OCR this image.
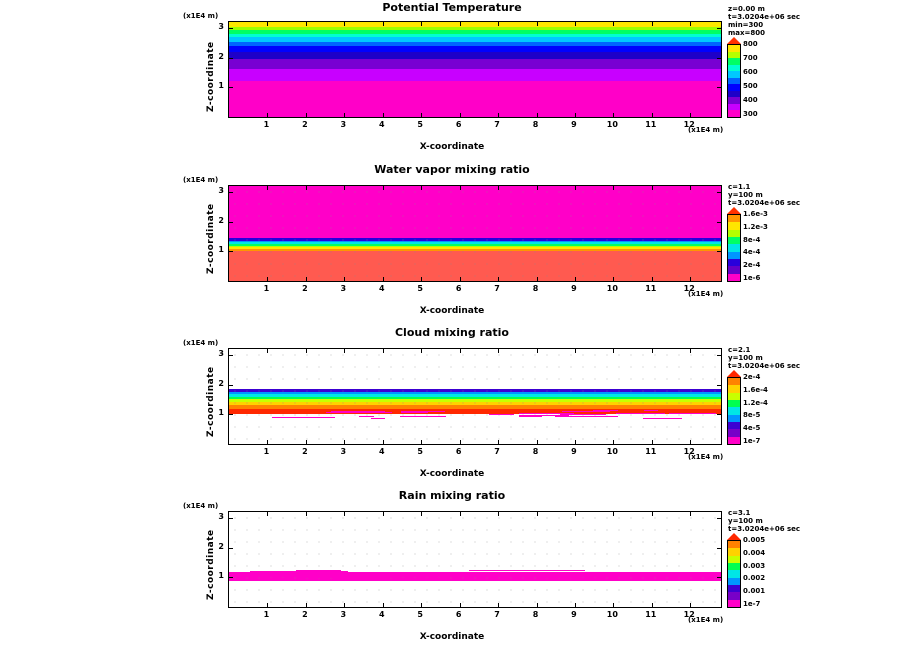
Potential Temperature
(x1E4 m)
Z-coordinate
(x1E4 m)
X-coordinate
1	2	3	4	5	6	7	8	9	10	11	12
1
2
3
800
700
600
500
400
300
z=0.00 m
t=3.0204e+06 sec
min=300
max=800
Water vapor mixing ratio
(x1E4 m)
Z-coordinate
(x1E4 m)
X-coordinate
1	2	3	4	5	6	7	8	9	10	11	12
1
2
3
1.6e-3
1.2e-3
8e-4
4e-4
2e-4
1e-6
c=1.1
y=100 m
t=3.0204e+06 sec
Cloud mixing ratio
(x1E4 m)
Z-coordinate
(x1E4 m)
X-coordinate
1	2	3	4	5	6	7	8	9	10	11	12
1
2
3
2e-4
1.6e-4
1.2e-4
8e-5
4e-5
1e-7
c=2.1
y=100 m
t=3.0204e+06 sec
Rain mixing ratio
(x1E4 m)
Z-coordinate
(x1E4 m)
X-coordinate
1	2	3	4	5	6	7	8	9	10	11	12
1
2
3
0.005
0.004
0.003
0.002
0.001
1e-7
c=3.1
y=100 m
t=3.0204e+06 sec
